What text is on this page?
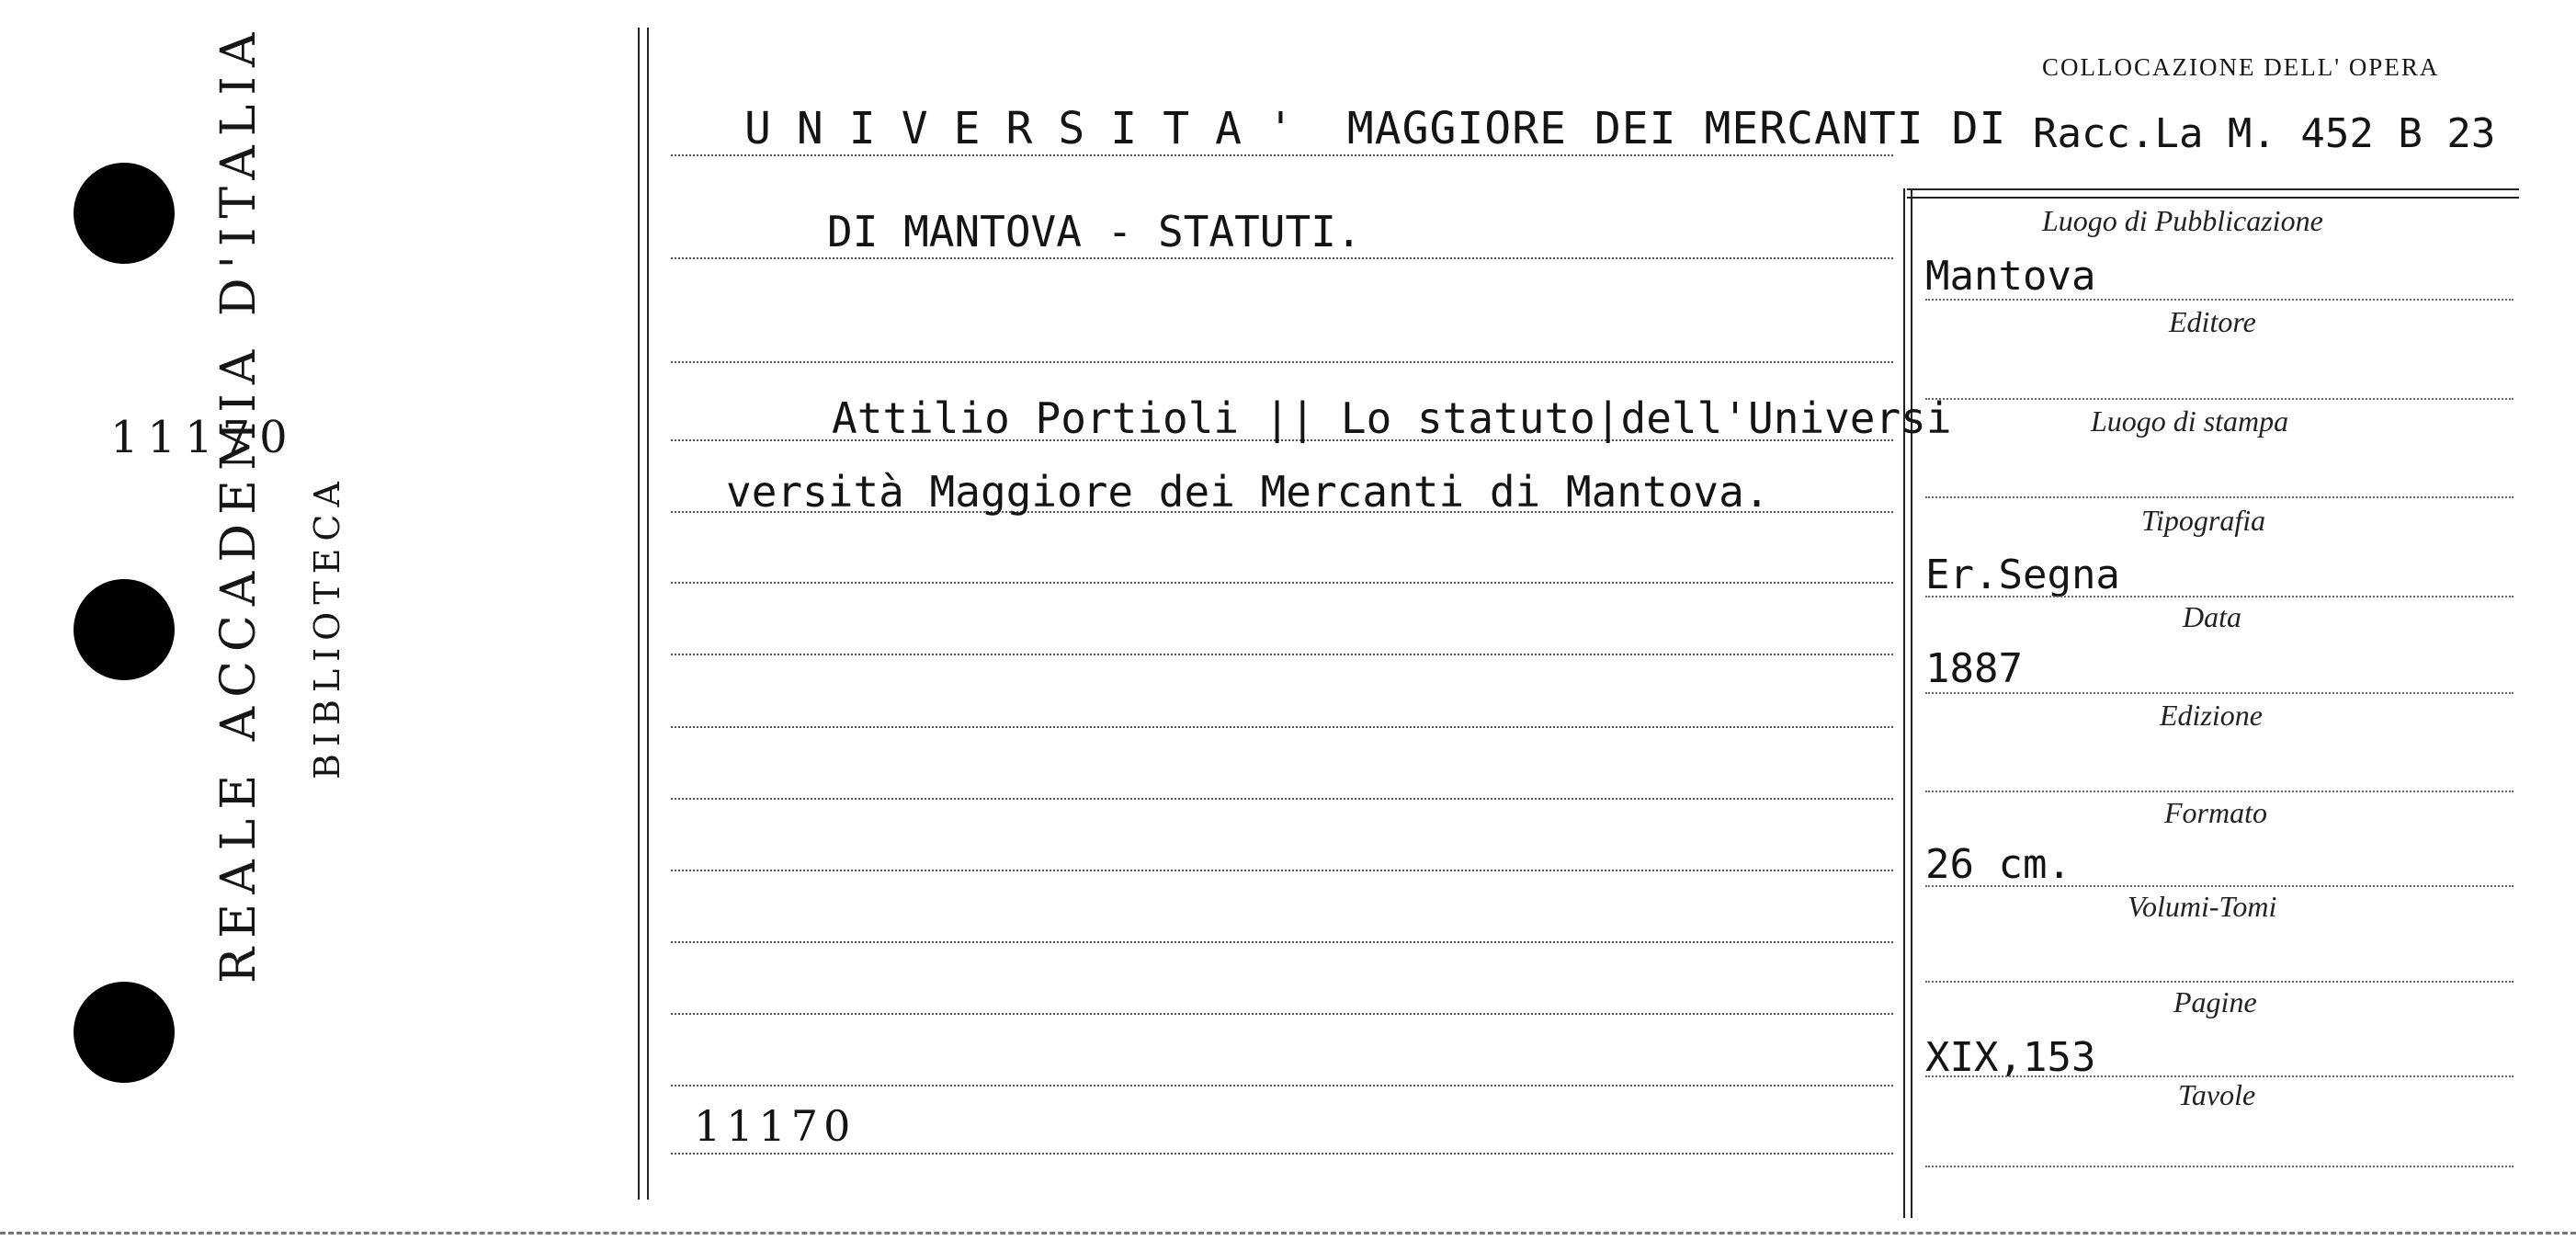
11170
REALE ACCADEMIA D'ITALIA BIBLIOTECA
COLLOCAZIONE DELL' OPERA
Racc.La M. 452 B 23
UNIVERSITA' MAGGIORE DEI MERCANTI DI
DI MANTOVA - STATUTI.
Attilio Portioli || Lo statuto|dell'Universi
versità Maggiore dei Mercanti di Mantova.
11170
Luogo di Pubblicazione
Mantova
Editore
Luogo di stampa
Tipografia
Er.Segna
Data
1887
Edizione
Formato
26 cm.
Volumi-Tomi
Pagine
XIX,153
Tavole
